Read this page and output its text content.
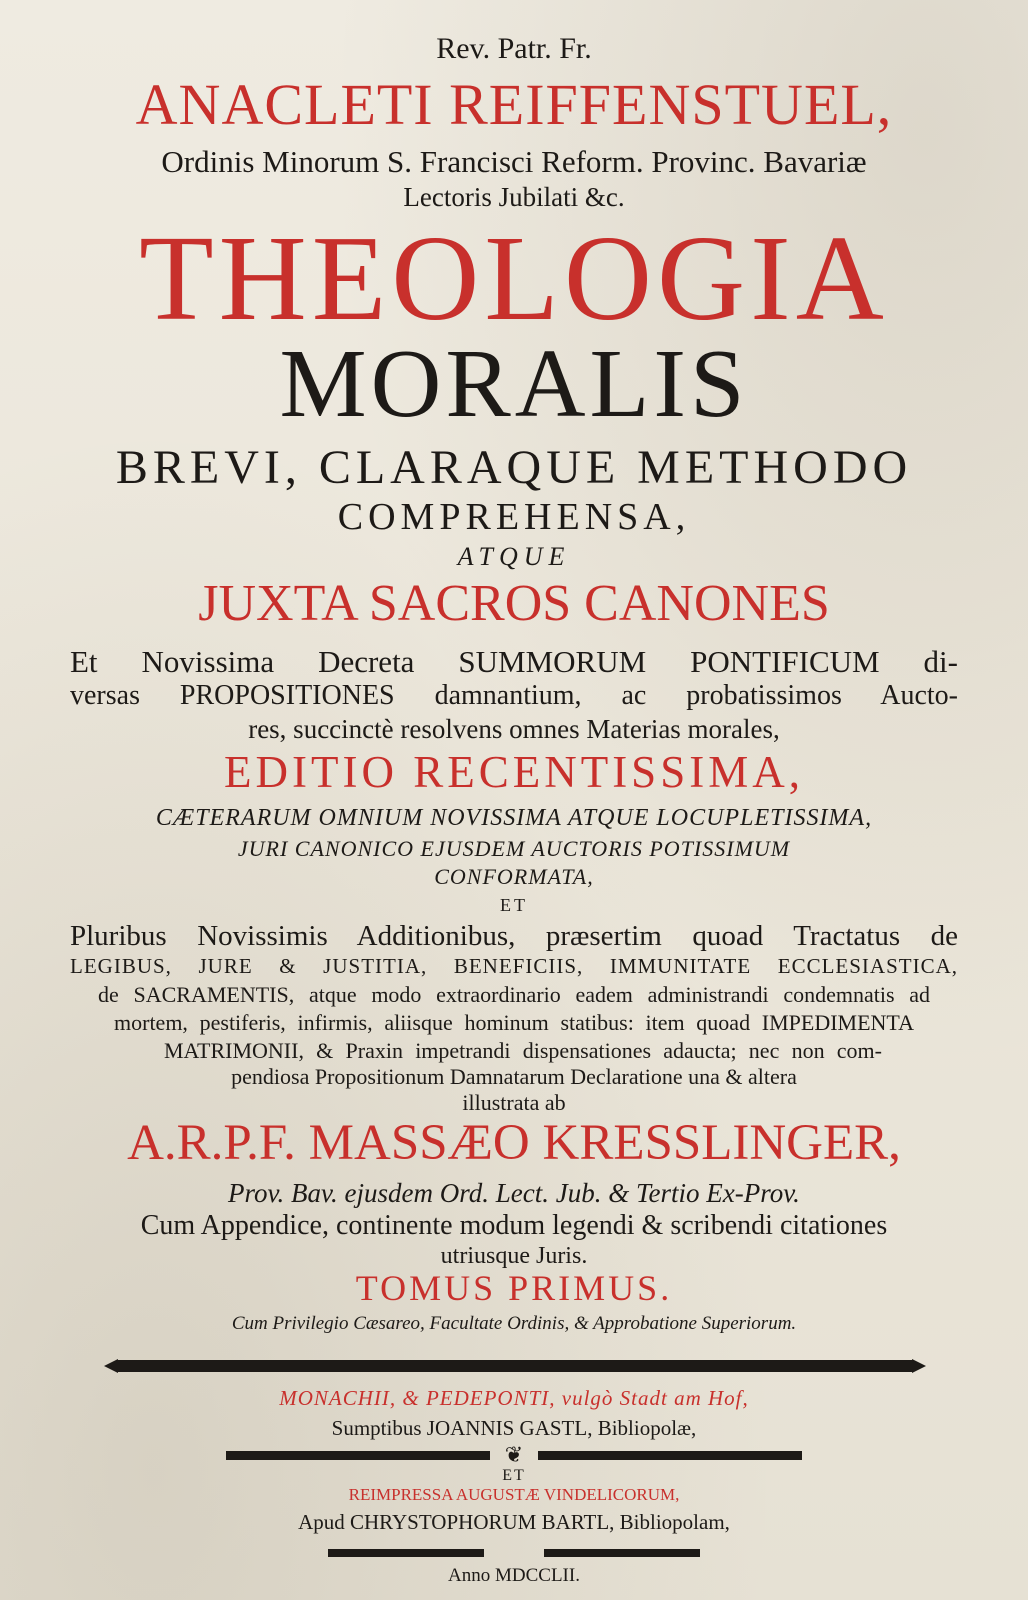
Rev. Patr. Fr.
ANACLETI REIFFENSTUEL,
Ordinis Minorum S. Francisci Reform. Provinc. Bavariæ
Lectoris Jubilati &c.
THEOLOGIA
MORALIS
BREVI, CLARAQUE METHODO
COMPREHENSA,
ATQUE
JUXTA SACROS CANONES
Et Novissima Decreta SUMMORUM PONTIFICUM di-
versas PROPOSITIONES damnantium, ac probatissimos Auctо-
res, succinctè resolvens omnes Materias morales,
EDITIO RECENTISSIMA,
CÆTERARUM OMNIUM NOVISSIMA ATQUE LOCUPLETISSIMA,
JURI CANONICO EJUSDEM AUCTORIS POTISSIMUM
CONFORMATA,
ET
Pluribus Novissimis Additionibus, præsertim quoad Tractatus de
LEGIBUS, JURE & JUSTITIA, BENEFICIIS, IMMUNITATE ECCLESIASTICA,
de SACRAMENTIS, atque modo extraordinario eadem administrandi condemnatis ad
mortem, pestiferis, infirmis, aliisque hominum statibus: item quoad IMPEDIMENTA
MATRIMONII, & Praxin impetrandi dispensationes adaucta; nec non com-
pendiosa Propositionum Damnatarum Declaratione una & altera
illustrata ab
A.R.P.F. MASSÆO KRESSLINGER,
Prov. Bav. ejusdem Ord. Lect. Jub. & Tertio Ex-Prov.
Cum Appendice, continente modum legendi & scribendi citationes
utriusque Juris.
TOMUS PRIMUS.
Cum Privilegio Cæsareo, Facultate Ordinis, & Approbatione Superiorum.
MONACHII, & PEDEPONTI, vulgò Stadt am Hof,
Sumptibus JOANNIS GASTL, Bibliopolæ,
❦
ET
REIMPRESSA AUGUSTÆ VINDELICORUM,
Apud CHRYSTOPHORUM BARTL, Bibliopolam,
Anno MDCCLII.
